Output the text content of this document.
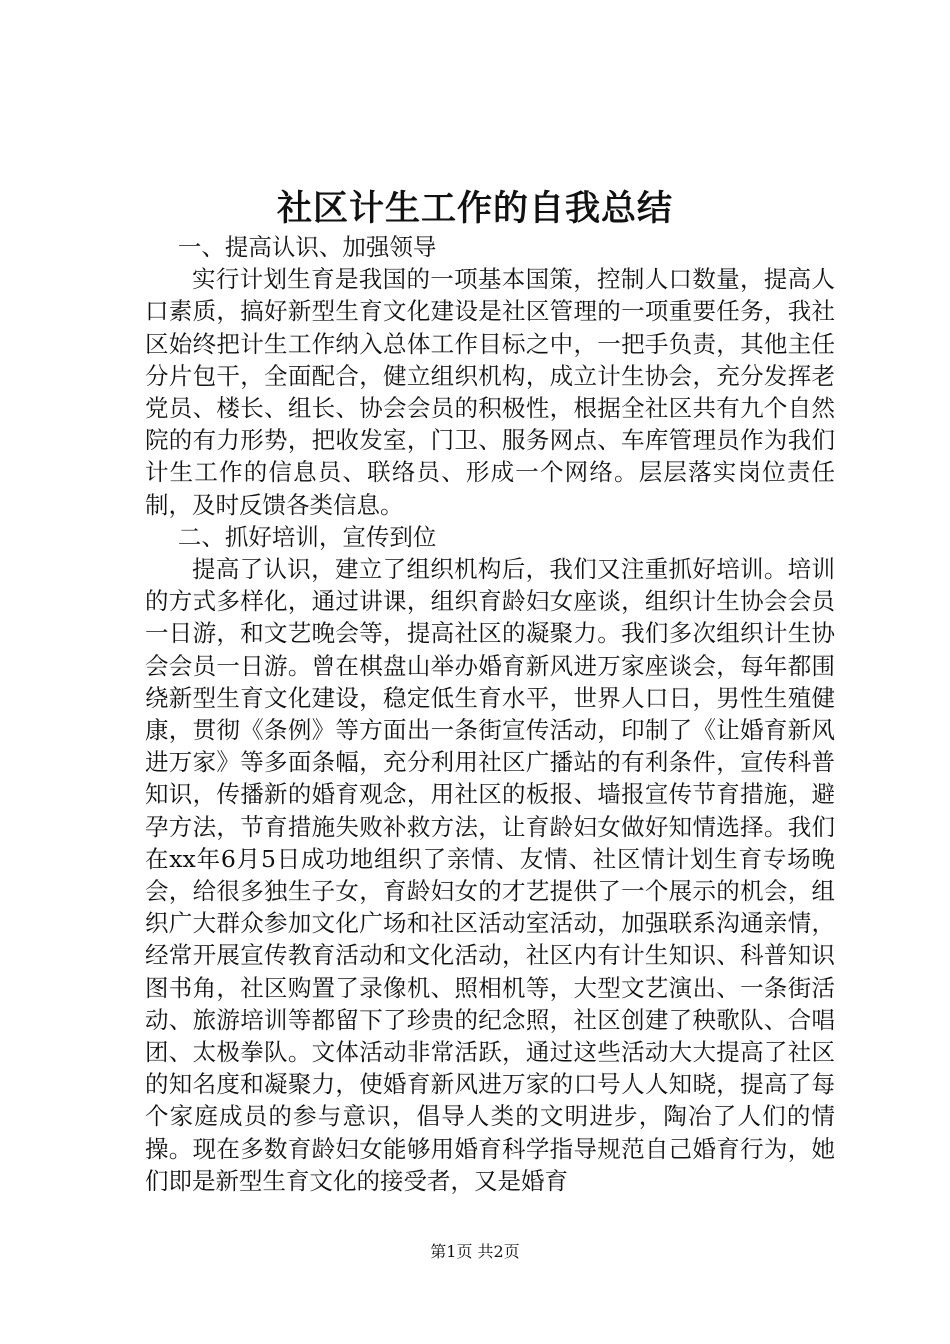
社区计生工作的自我总结

一、提高认识、加强领导

实行计划生育是我国的一项基本国策，控制人口数量，提高人口素质，搞好新型生育文化建设是社区管理的一项重要任务，我社区始终把计生工作纳入总体工作目标之中，一把手负责，其他主任分片包干，全面配合，健立组织机构，成立计生协会，充分发挥老党员、楼长、组长、协会会员的积极性，根据全社区共有九个自然院的有力形势，把收发室，门卫、服务网点、车库管理员作为我们计生工作的信息员、联络员、形成一个网络。层层落实岗位责任制，及时反馈各类信息。

二、抓好培训，宣传到位

提高了认识，建立了组织机构后，我们又注重抓好培训。培训的方式多样化，通过讲课，组织育龄妇女座谈，组织计生协会会员一日游，和文艺晚会等，提高社区的凝聚力。我们多次组织计生协会会员一日游。曾在棋盘山举办婚育新风进万家座谈会，每年都围绕新型生育文化建设，稳定低生育水平，世界人口日，男性生殖健康，贯彻《条例》等方面出一条街宣传活动，印制了《让婚育新风进万家》等多面条幅，充分利用社区广播站的有利条件，宣传科普知识，传播新的婚育观念，用社区的板报、墙报宣传节育措施，避孕方法，节育措施失败补救方法，让育龄妇女做好知情选择。我们在xx年6月5日成功地组织了亲情、友情、社区情计划生育专场晚会，给很多独生子女，育龄妇女的才艺提供了一个展示的机会，组织广大群众参加文化广场和社区活动室活动，加强联系沟通亲情，经常开展宣传教育活动和文化活动，社区内有计生知识、科普知识图书角，社区购置了录像机、照相机等，大型文艺演出、一条街活动、旅游培训等都留下了珍贵的纪念照，社区创建了秧歌队、合唱团、太极拳队。文体活动非常活跃，通过这些活动大大提高了社区的知名度和凝聚力，使婚育新风进万家的口号人人知晓，提高了每个家庭成员的参与意识，倡导人类的文明进步，陶冶了人们的情操。现在多数育龄妇女能够用婚育科学指导规范自己婚育行为，她们即是新型生育文化的接受者，又是婚育

第1页 共2页
